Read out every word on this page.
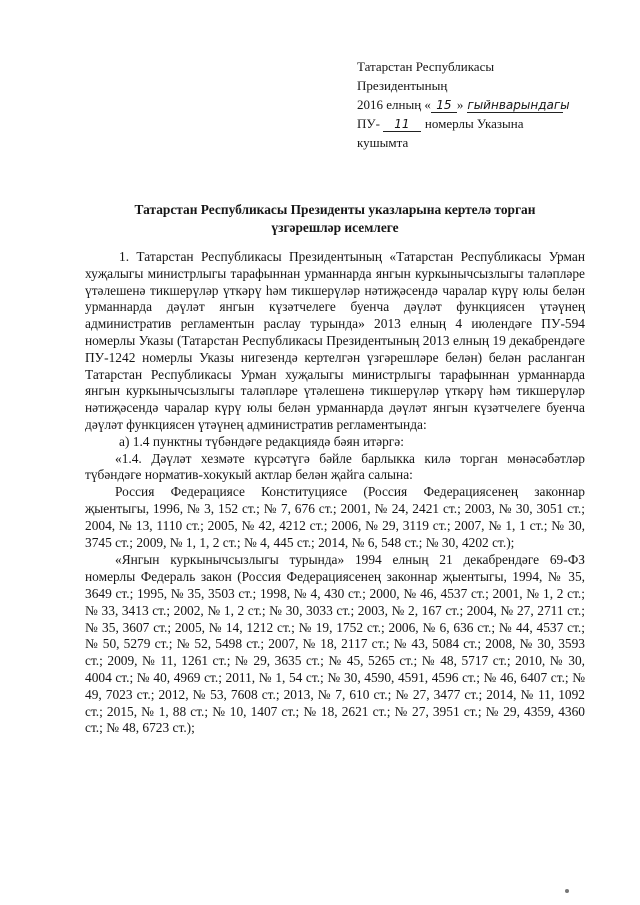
Татарстан Республикасы
Президентының
2016 елның « 15 » гыйнварындагы
ПУ- 11 номерлы Указына
кушымта
Татарстан Республикасы Президенты указларына кертелә торган
үзгәрешләр исемлеге

1. Татарстан Республикасы Президентының «Татарстан Республикасы Урман хуҗалыгы министрлыгы тарафыннан урманнарда янгын куркынычсызлыгы таләпләре үтәлешенә тикшерүләр үткәрү һәм тикшерүләр нәтиҗәсендә чаралар күрү юлы белән урманнарда дәүләт янгын күзәтчелеге буенча дәүләт функциясен үтәүнең административ регламентын раслау турында» 2013 елның 4 июлендәге ПУ-594 номерлы Указы (Татарстан Республикасы Президентының 2013 елның 19 декабрендәге ПУ-1242 номерлы Указы нигезендә кертелгән үзгәрешләре белән) белән расланган Татарстан Республикасы Урман хуҗалыгы министрлыгы тарафыннан урманнарда янгын куркынычсызлыгы таләпләре үтәлешенә тикшерүләр үткәрү һәм тикшерүләр нәтиҗәсендә чаралар күрү юлы белән урманнарда дәүләт янгын күзәтчелеге буенча дәүләт функциясен үтәүнең административ регламентында:

а) 1.4 пунктны түбәндәге редакциядә бәян итәргә:

«1.4. Дәүләт хезмәте күрсәтүгә бәйле барлыкка килә торган мөнәсәбәтләр түбәндәге норматив-хокукый актлар белән җайга салына:

Россия Федерациясе Конституциясе (Россия Федерациясенең законнар җыентыгы, 1996, № 3, 152 ст.; № 7, 676 ст.; 2001, № 24, 2421 ст.; 2003, № 30, 3051 ст.; 2004, № 13, 1110 ст.; 2005, № 42, 4212 ст.; 2006, № 29, 3119 ст.; 2007, № 1, 1 ст.; № 30, 3745 ст.; 2009, № 1, 1, 2 ст.; № 4, 445 ст.; 2014, № 6, 548 ст.; № 30, 4202 ст.);

«Янгын куркынычсызлыгы турында» 1994 елның 21 декабрендәге 69-ФЗ номерлы Федераль закон (Россия Федерациясенең законнар җыентыгы, 1994, № 35, 3649 ст.; 1995, № 35, 3503 ст.; 1998, № 4, 430 ст.; 2000, № 46, 4537 ст.; 2001, № 1, 2 ст.; № 33, 3413 ст.; 2002, № 1, 2 ст.; № 30, 3033 ст.; 2003, № 2, 167 ст.; 2004, № 27, 2711 ст.; № 35, 3607 ст.; 2005, № 14, 1212 ст.; № 19, 1752 ст.; 2006, № 6, 636 ст.; № 44, 4537 ст.; № 50, 5279 ст.; № 52, 5498 ст.; 2007, № 18, 2117 ст.; № 43, 5084 ст.; 2008, № 30, 3593 ст.; 2009, № 11, 1261 ст.; № 29, 3635 ст.; № 45, 5265 ст.; № 48, 5717 ст.; 2010, № 30, 4004 ст.; № 40, 4969 ст.; 2011, № 1, 54 ст.; № 30, 4590, 4591, 4596 ст.; № 46, 6407 ст.; № 49, 7023 ст.; 2012, № 53, 7608 ст.; 2013, № 7, 610 ст.; № 27, 3477 ст.; 2014, № 11, 1092 ст.; 2015, № 1, 88 ст.; № 10, 1407 ст.; № 18, 2621 ст.; № 27, 3951 ст.; № 29, 4359, 4360 ст.; № 48, 6723 ст.);
